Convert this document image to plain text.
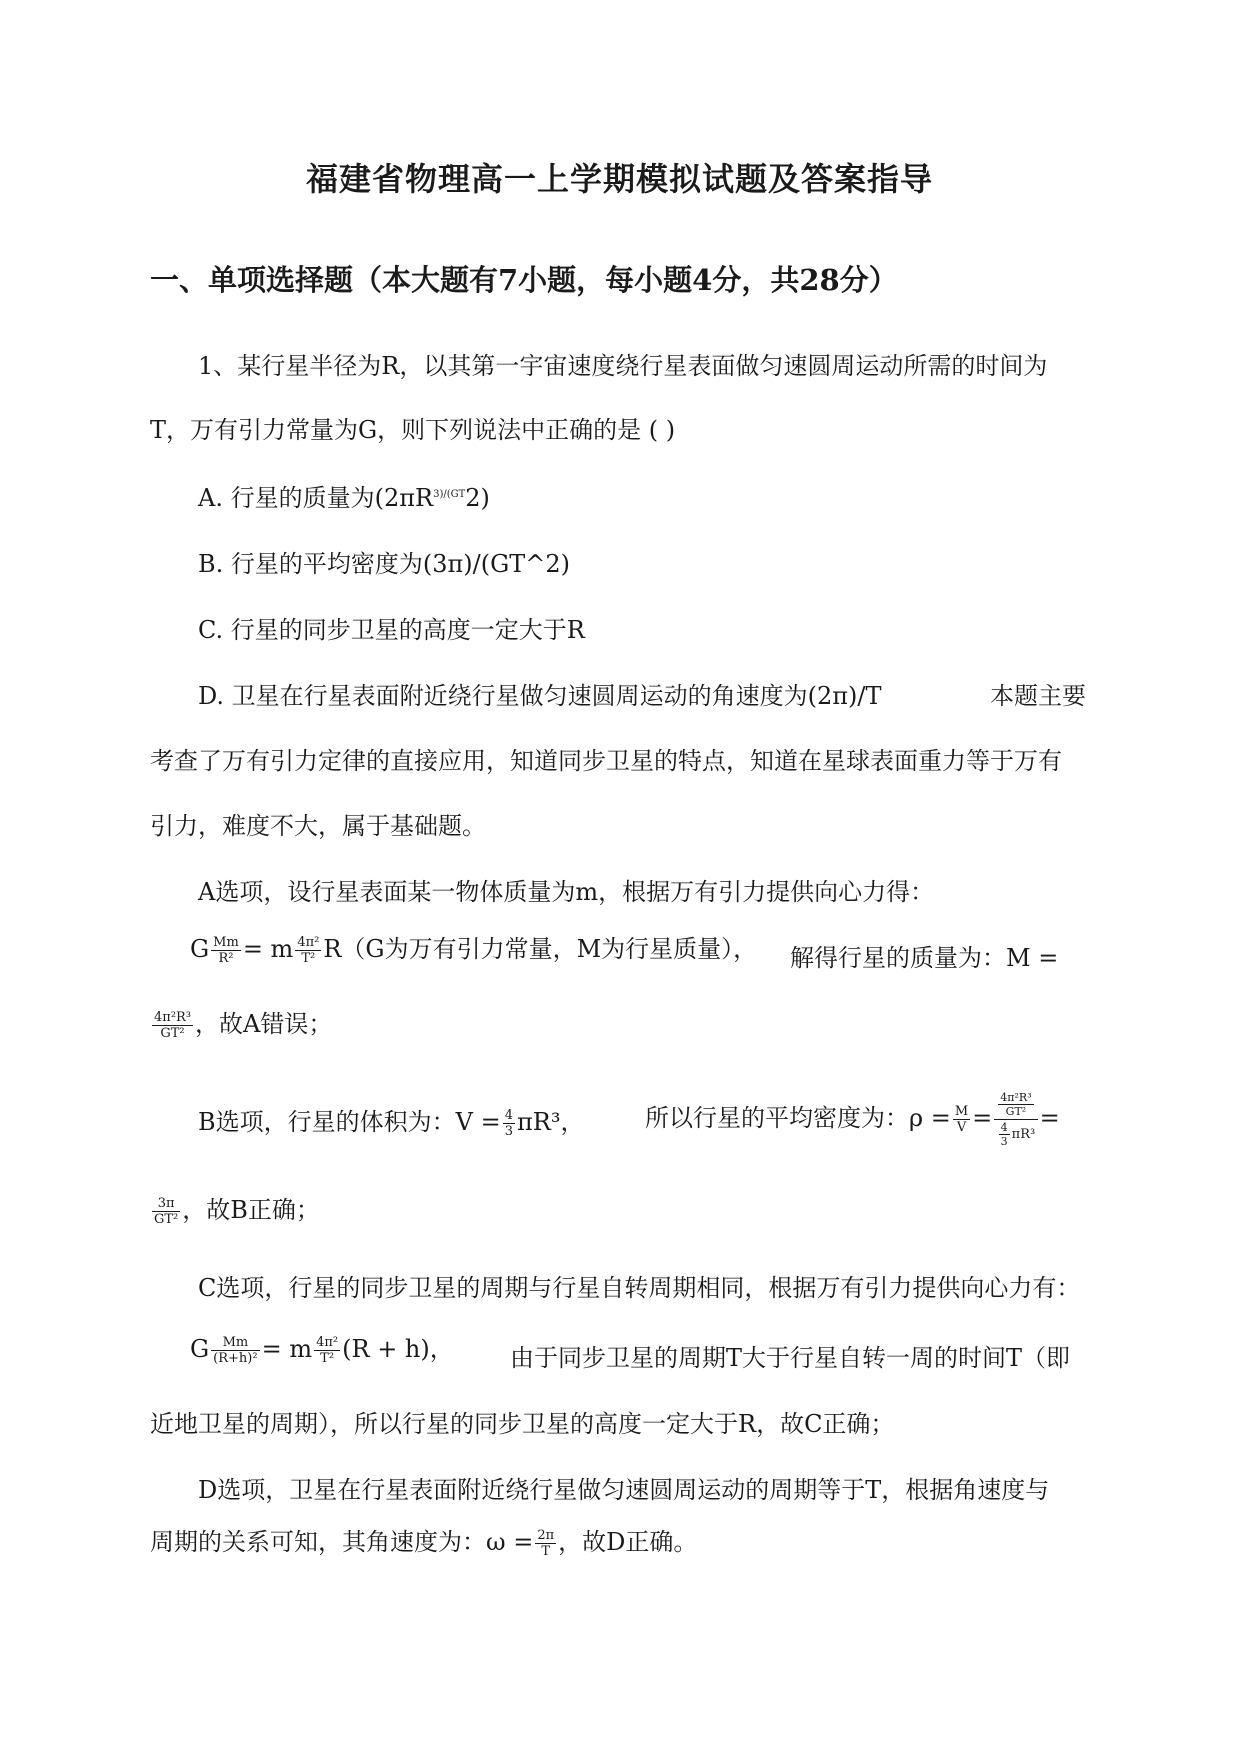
福建省物理高一上学期模拟试题及答案指导
一、单项选择题（本大题有7小题，每小题4分，共28分）
1、某行星半径为R，以其第一宇宙速度绕行星表面做匀速圆周运动所需的时间为
T，万有引力常量为G，则下列说法中正确的是 ( )
A. 行星的质量为$(2\pi R^{3)/(GT}2)$
B. 行星的平均密度为(3π)/(GT^2)
C. 行星的同步卫星的高度一定大于R
D. 卫星在行星表面附近绕行星做匀速圆周运动的角速度为(2π)/T	本题主要
考查了万有引力定律的直接应用，知道同步卫星的特点，知道在星球表面重力等于万有
引力，难度不大，属于基础题。
A选项，设行星表面某一物体质量为m，根据万有引力提供向心力得：
G $\frac{Mm}{\text{R²}} = m \frac{\text{4π²}}{\text{T²}} R(G$为万有引力常量，M为行星质量）， 解得行星的质量为：M =
$\frac{\text{4π²R³}}{\text{GT²}}$ ，故A错误；
B选项，行星的体积为：$V = \frac{4}{3} \pi R^3$，	所以行星的平均密度为：$\rho = \frac{M}{V} = \frac{\frac{\text{4π²R³}}{\text{GT²}}}{\frac{4}{3} \pi R^3}$ =
$\frac{3\pi}{\text{GT²}}$ ，故B正确；
C选项，行星的同步卫星的周期与行星自转周期相同，根据万有引力提供向心力有：
G $\frac{Mm}{\text{(R+h)²}} = m \frac{\text{4π²}}{\text{T²}} (R + h)$， 由于同步卫星的周期T大于行星自转一周的时间T（即
近地卫星的周期），所以行星的同步卫星的高度一定大于R，故C正确；
D选项，卫星在行星表面附近绕行星做匀速圆周运动的周期等于T，根据角速度与
周期的关系可知，其角速度为：$\omega = \frac{2\pi}{T}$ ，故D正确。
